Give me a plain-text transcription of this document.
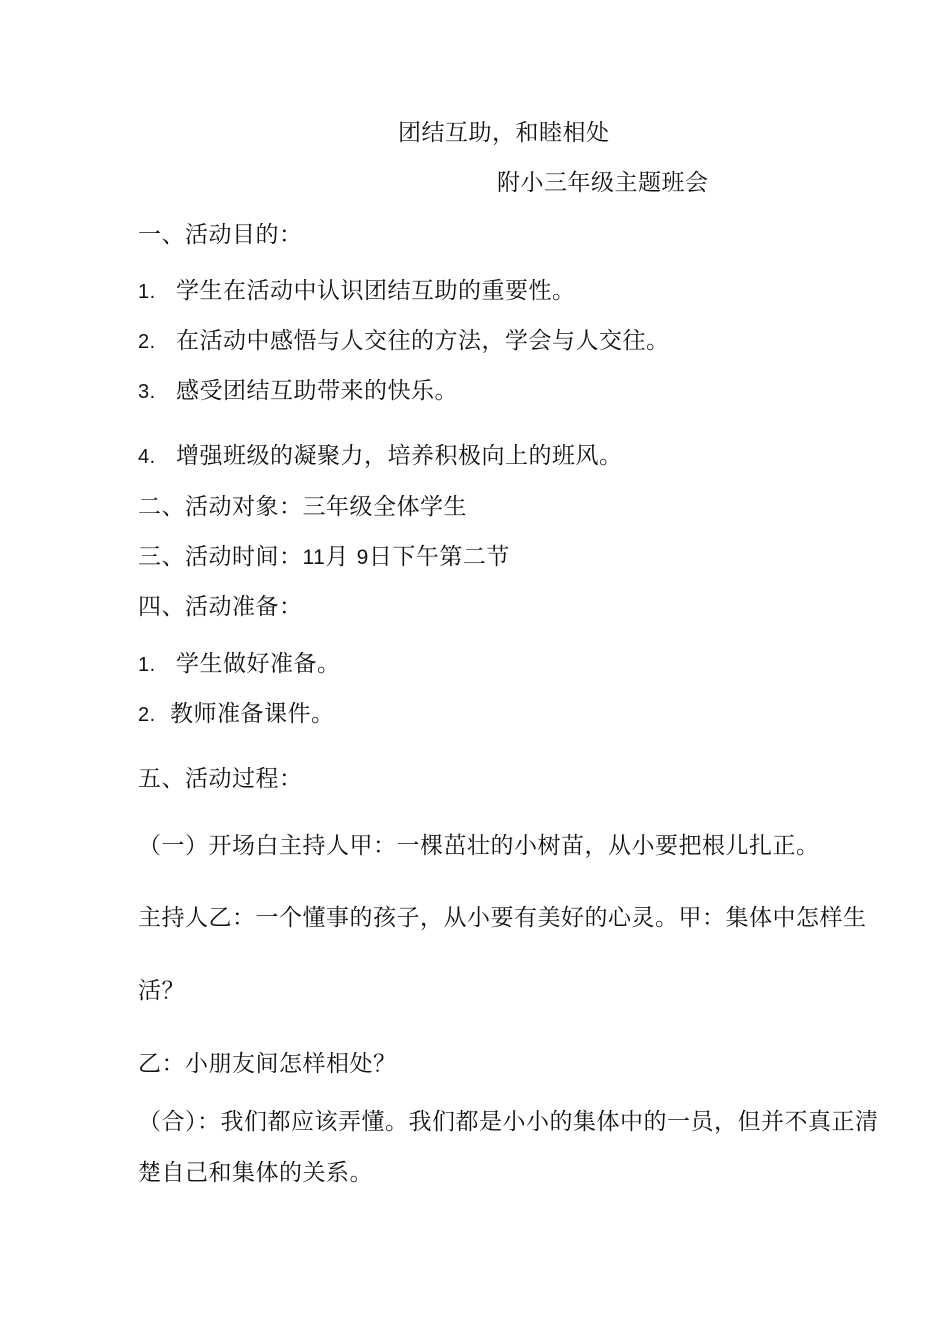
团结互助，和睦相处
附小三年级主题班会
一、活动目的：
1. 学生在活动中认识团结互助的重要性。
2. 在活动中感悟与人交往的方法，学会与人交往。
3. 感受团结互助带来的快乐。
4. 增强班级的凝聚力，培养积极向上的班风。
二、活动对象：三年级全体学生
三、活动时间：11月 9日下午第二节
四、活动准备：
1. 学生做好准备。
2. 教师准备课件。
五、活动过程：
（一）开场白主持人甲：一棵茁壮的小树苗，从小要把根儿扎正。
主持人乙：一个懂事的孩子，从小要有美好的心灵。甲：集体中怎样生活？
乙：小朋友间怎样相处？
（合）：我们都应该弄懂。我们都是小小的集体中的一员，但并不真正清楚自己和集体的关系。
